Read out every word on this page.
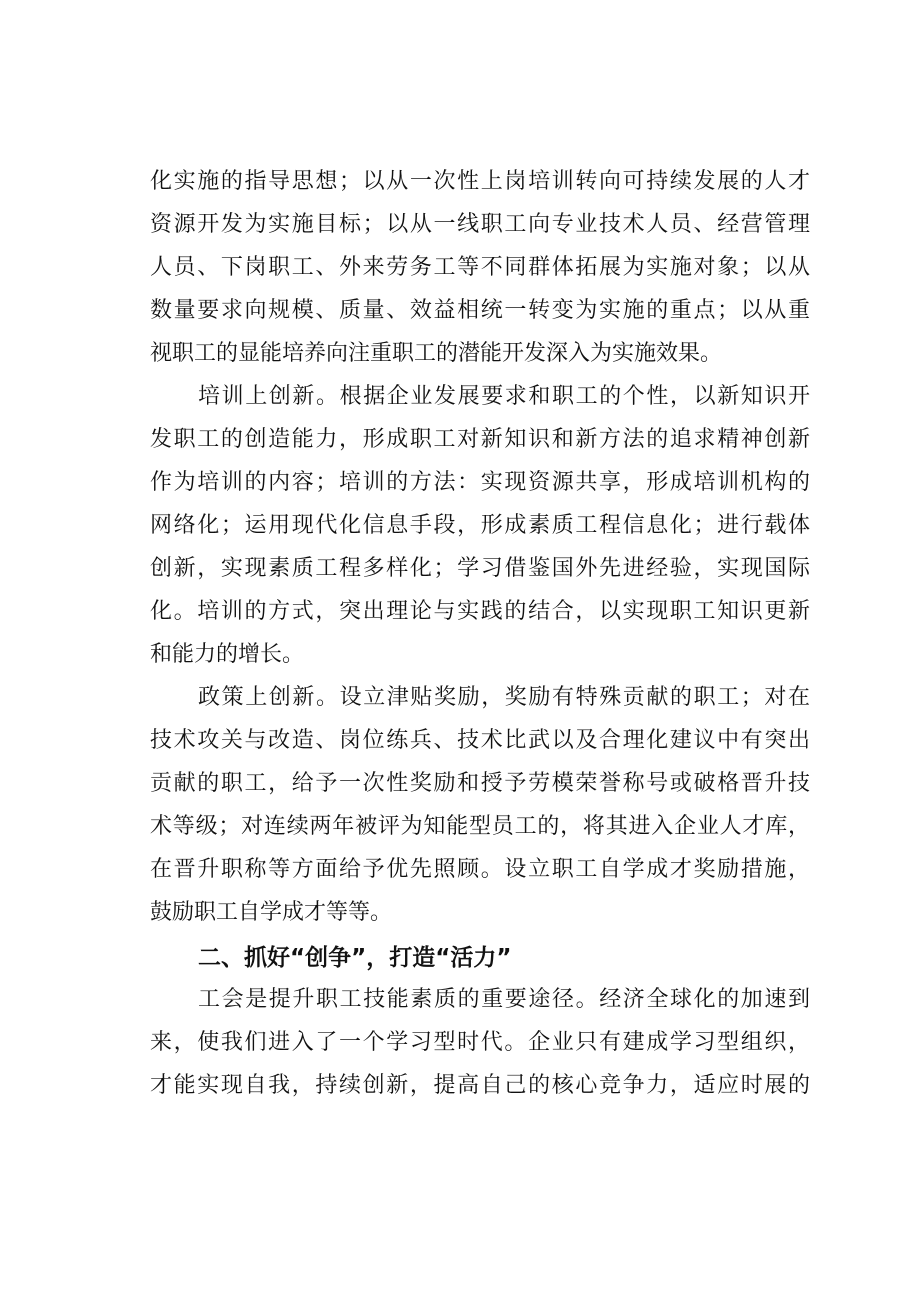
化实施的指导思想；以从一次性上岗培训转向可持续发展的人才
资源开发为实施目标；以从一线职工向专业技术人员、经营管理
人员、下岗职工、外来劳务工等不同群体拓展为实施对象；以从
数量要求向规模、质量、效益相统一转变为实施的重点；以从重
视职工的显能培养向注重职工的潜能开发深入为实施效果。
培训上创新。根据企业发展要求和职工的个性，以新知识开
发职工的创造能力，形成职工对新知识和新方法的追求精神创新
作为培训的内容；培训的方法：实现资源共享，形成培训机构的
网络化；运用现代化信息手段，形成素质工程信息化；进行载体
创新，实现素质工程多样化；学习借鉴国外先进经验，实现国际
化。培训的方式，突出理论与实践的结合，以实现职工知识更新
和能力的增长。
政策上创新。设立津贴奖励，奖励有特殊贡献的职工；对在
技术攻关与改造、岗位练兵、技术比武以及合理化建议中有突出
贡献的职工，给予一次性奖励和授予劳模荣誉称号或破格晋升技
术等级；对连续两年被评为知能型员工的，将其进入企业人才库，
在晋升职称等方面给予优先照顾。设立职工自学成才奖励措施，
鼓励职工自学成才等等。
二、抓好“创争”，打造“活力”
工会是提升职工技能素质的重要途径。经济全球化的加速到
来，使我们进入了一个学习型时代。企业只有建成学习型组织，
才能实现自我，持续创新，提高自己的核心竞争力，适应时展的
